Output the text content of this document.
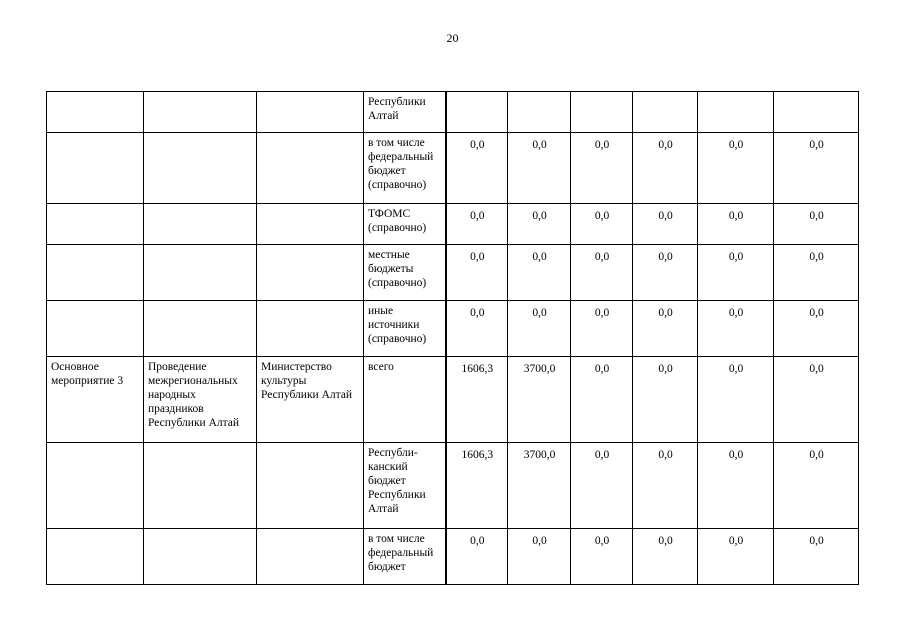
20
			Республики Алтай						
			в том числе федеральный бюджет (справочно)	0,0	0,0	0,0	0,0	0,0	0,0
			ТФОМС (справочно)	0,0	0,0	0,0	0,0	0,0	0,0
			местные бюджеты (справочно)	0,0	0,0	0,0	0,0	0,0	0,0
			иные источники (справочно)	0,0	0,0	0,0	0,0	0,0	0,0
Основное мероприятие 3	Проведение межрегиональных народных праздников Республики Алтай	Министерство культуры Республики Алтай	всего	1606,3	3700,0	0,0	0,0	0,0	0,0
			Республи-канский бюджет Республики Алтай	1606,3	3700,0	0,0	0,0	0,0	0,0
			в том числе федеральный бюджет	0,0	0,0	0,0	0,0	0,0	0,0
